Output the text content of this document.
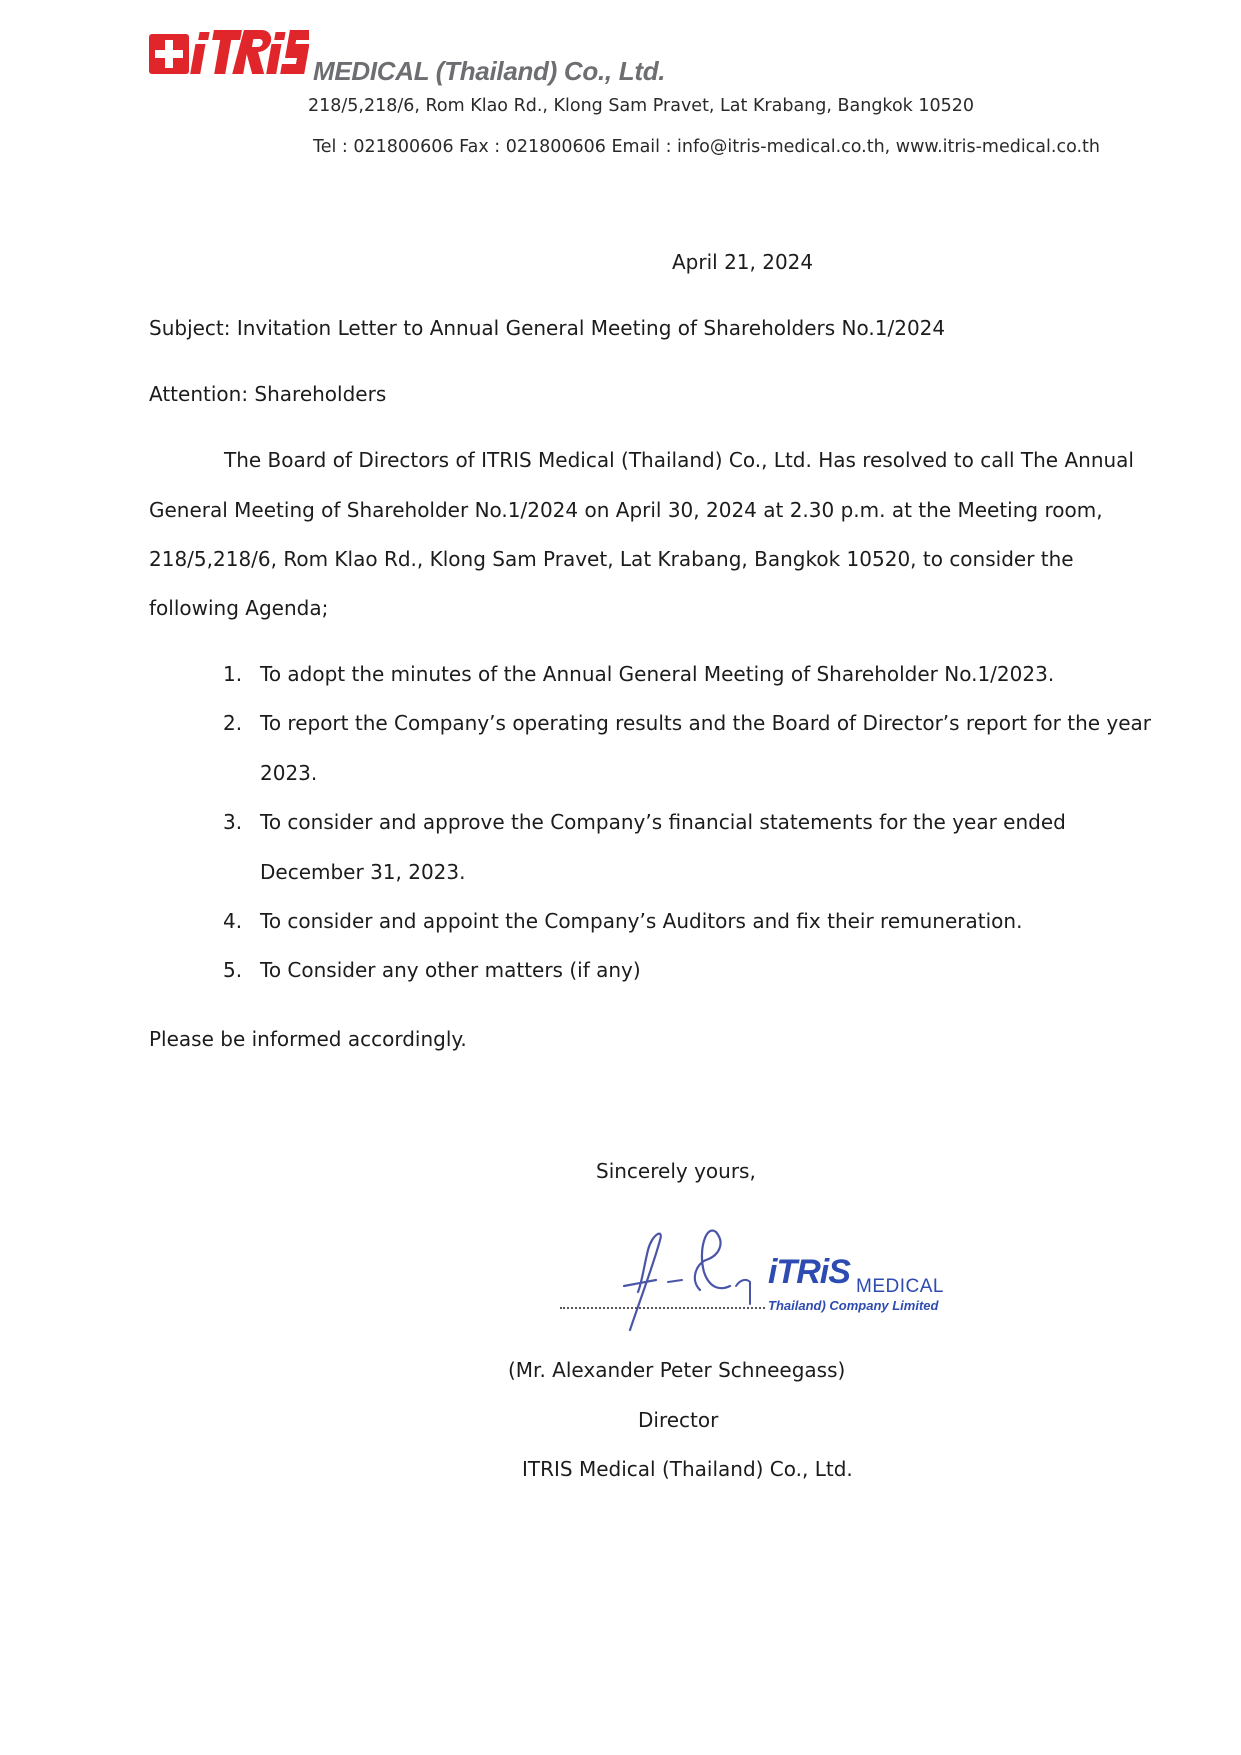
MEDICAL (Thailand) Co., Ltd.
218/5,218/6, Rom Klao Rd., Klong Sam Pravet, Lat Krabang, Bangkok 10520
Tel : 021800606 Fax : 021800606 Email : info@itris-medical.co.th, www.itris-medical.co.th
April 21, 2024
Subject: Invitation Letter to Annual General Meeting of Shareholders No.1/2024
Attention: Shareholders
The Board of Directors of ITRIS Medical (Thailand) Co., Ltd. Has resolved to call The Annual
General Meeting of Shareholder No.1/2024 on April 30, 2024 at 2.30 p.m. at the Meeting room,
218/5,218/6, Rom Klao Rd., Klong Sam Pravet, Lat Krabang, Bangkok 10520, to consider the
following Agenda;
1. To adopt the minutes of the Annual General Meeting of Shareholder No.1/2023.
2. To report the Company’s operating results and the Board of Director’s report for the year
2023.
3. To consider and approve the Company’s financial statements for the year ended
December 31, 2023.
4. To consider and appoint the Company’s Auditors and fix their remuneration.
5. To Consider any other matters (if any)
Please be informed accordingly.
Sincerely yours,
iTRiS MEDICAL
Thailand) Company Limited
(Mr. Alexander Peter Schneegass)
Director
ITRIS Medical (Thailand) Co., Ltd.
